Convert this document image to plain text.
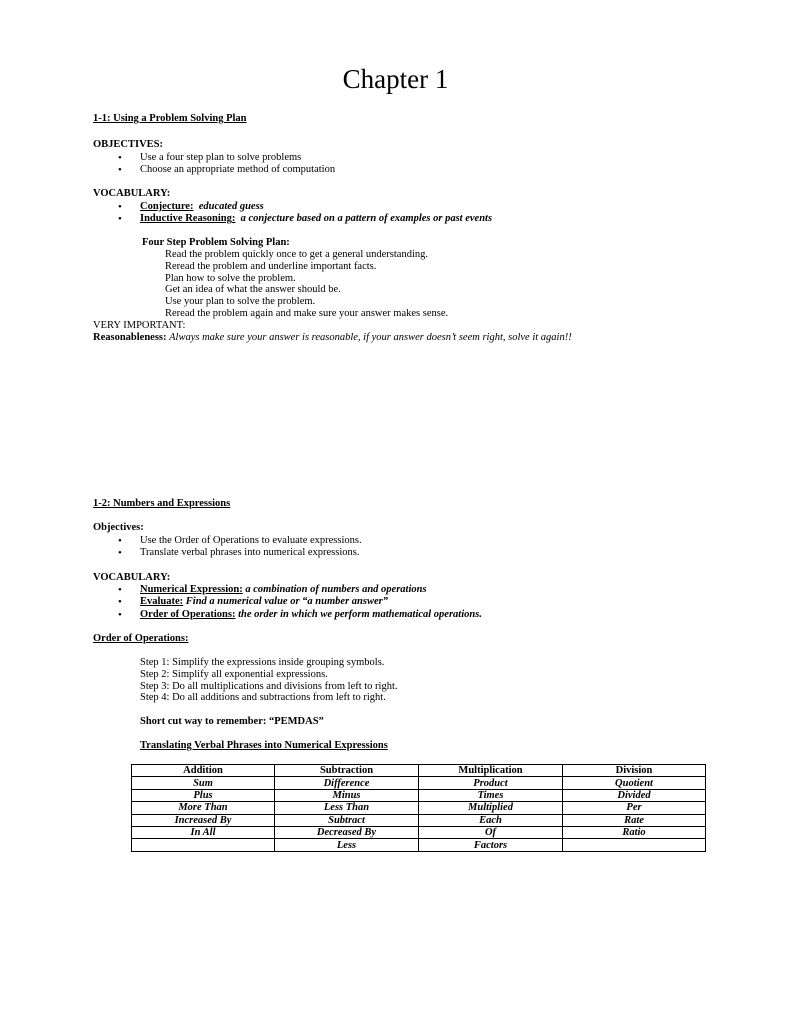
Chapter 1
1-1: Using a Problem Solving Plan
OBJECTIVES:
• Use a four step plan to solve problems
• Choose an appropriate method of computation
VOCABULARY:
• Conjecture: educated guess
• Inductive Reasoning: a conjecture based on a pattern of examples or past events
Four Step Problem Solving Plan:
Read the problem quickly once to get a general understanding.
Reread the problem and underline important facts.
Plan how to solve the problem.
Get an idea of what the answer should be.
Use your plan to solve the problem.
Reread the problem again and make sure your answer makes sense.
VERY IMPORTANT:
Reasonableness: Always make sure your answer is reasonable, if your answer doesn’t seem right, solve it again!!
1-2: Numbers and Expressions
Objectives:
• Use the Order of Operations to evaluate expressions.
• Translate verbal phrases into numerical expressions.
VOCABULARY:
• Numerical Expression: a combination of numbers and operations
• Evaluate: Find a numerical value or “a number answer”
• Order of Operations: the order in which we perform mathematical operations.
Order of Operations:
Step 1: Simplify the expressions inside grouping symbols.
Step 2: Simplify all exponential expressions.
Step 3: Do all multiplications and divisions from left to right.
Step 4: Do all additions and subtractions from left to right.
Short cut way to remember: “PEMDAS”
Translating Verbal Phrases into Numerical Expressions
Addition	Subtraction	Multiplication	Division
Sum	Difference	Product	Quotient
Plus	Minus	Times	Divided
More Than	Less Than	Multiplied	Per
Increased By	Subtract	Each	Rate
In All	Decreased By	Of	Ratio
	Less	Factors	
